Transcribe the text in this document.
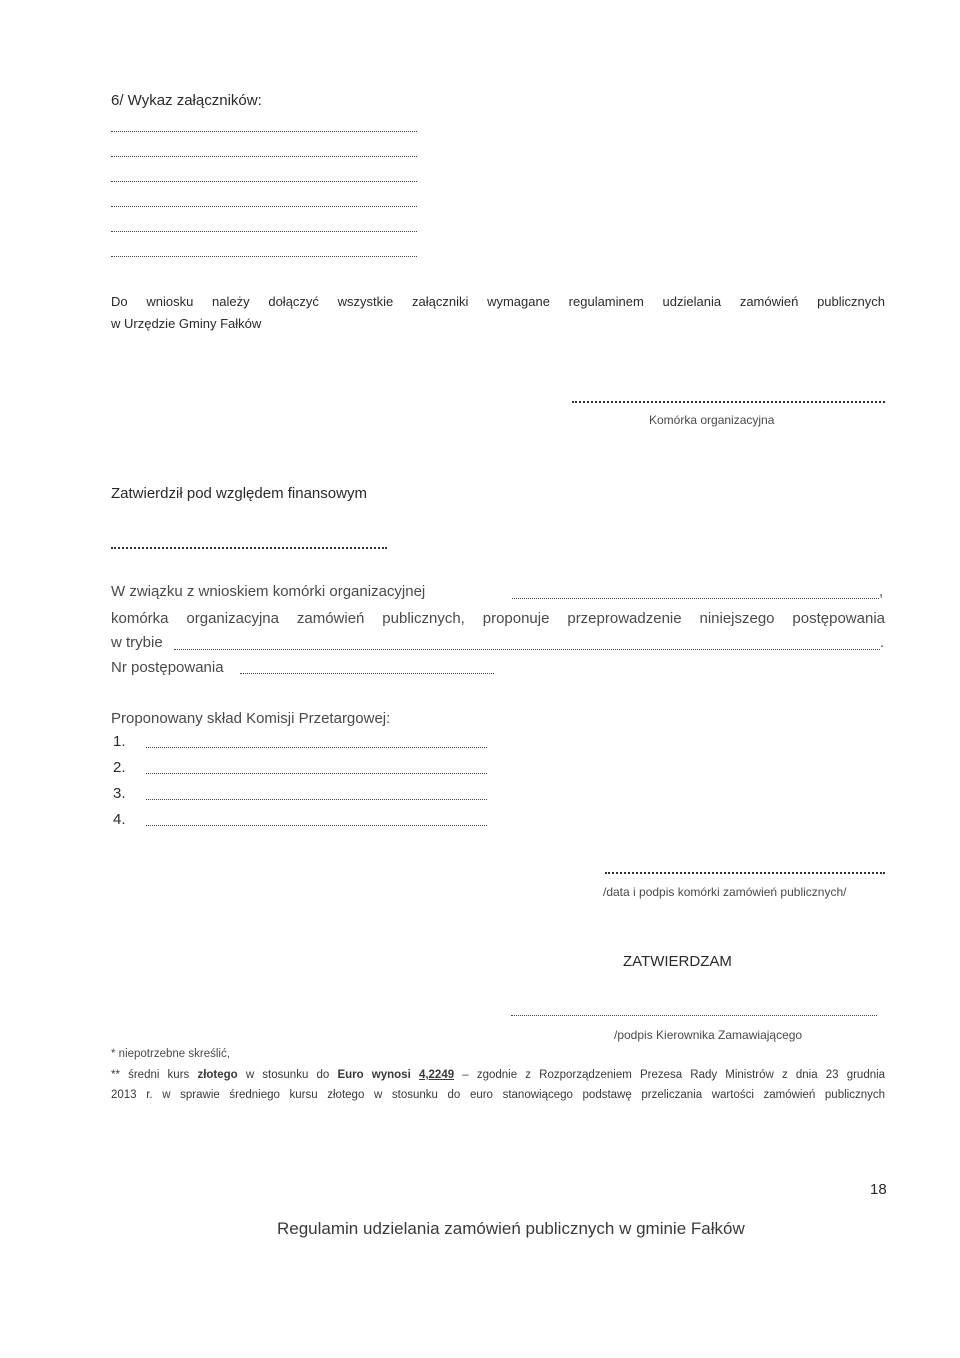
6/ Wykaz załączników:
Do wniosku należy dołączyć wszystkie załączniki wymagane regulaminem udzielania zamówień publicznych
w Urzędzie Gminy Fałków
Komórka organizacyjna
Zatwierdził pod względem finansowym
W związku z wnioskiem komórki organizacyjnej	,
komórka organizacyjna zamówień publicznych, proponuje przeprowadzenie niniejszego postępowania
w trybie	.
Nr postępowania
Proponowany skład Komisji Przetargowej:
1.
2.
3.
4.
/data i podpis komórki zamówień publicznych/
ZATWIERDZAM
/podpis Kierownika Zamawiającego
* niepotrzebne skreślić,
** średni kurs złotego w stosunku do Euro wynosi 4,2249 – zgodnie z Rozporządzeniem Prezesa Rady Ministrów z dnia 23 grudnia
2013 r. w sprawie średniego kursu złotego w stosunku do euro stanowiącego podstawę przeliczania wartości zamówień publicznych
18
Regulamin udzielania zamówień publicznych w gminie Fałków
